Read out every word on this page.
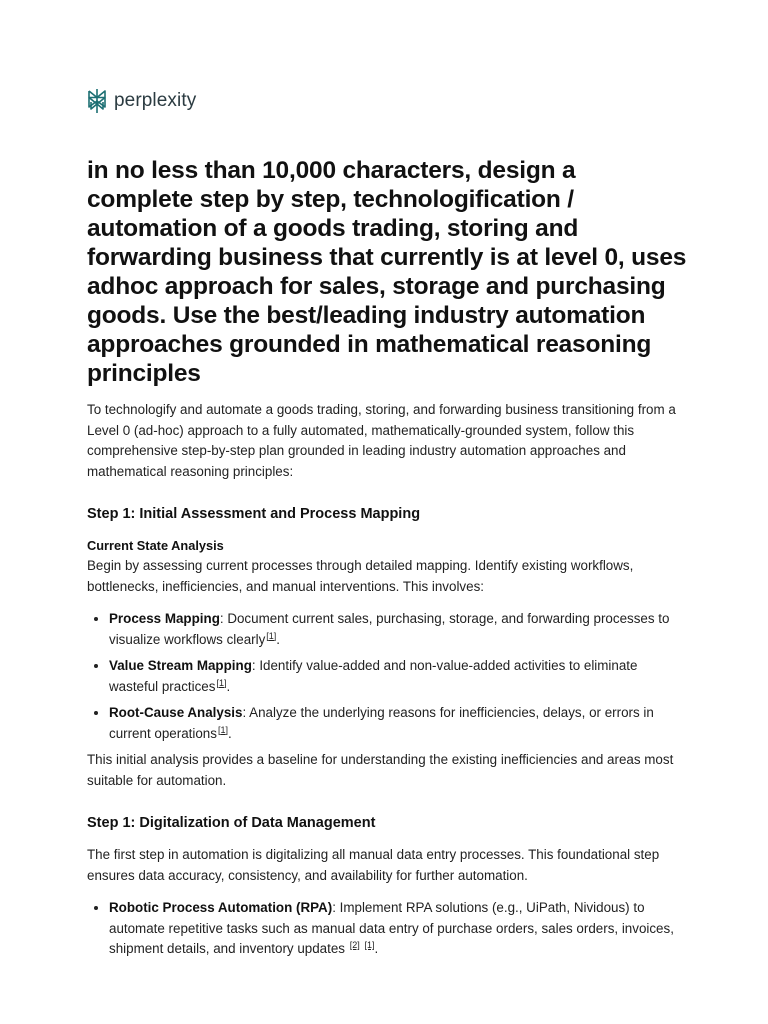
perplexity
in no less than 10,000 characters, design a complete step by step, technologification / automation of a goods trading, storing and forwarding business that currently is at level 0, uses adhoc approach for sales, storage and purchasing goods. Use the best/leading industry automation approaches grounded in mathematical reasoning principles

To technologify and automate a goods trading, storing, and forwarding business transitioning from a Level 0 (ad-hoc) approach to a fully automated, mathematically-grounded system, follow this comprehensive step-by-step plan grounded in leading industry automation approaches and mathematical reasoning principles:

Step 1: Initial Assessment and Process Mapping
Current State Analysis

Begin by assessing current processes through detailed mapping. Identify existing workflows, bottlenecks, inefficiencies, and manual interventions. This involves:

• Process Mapping: Document current sales, purchasing, storage, and forwarding processes to visualize workflows clearly[1].
• Value Stream Mapping: Identify value-added and non-value-added activities to eliminate wasteful practices[1].
• Root-Cause Analysis: Analyze the underlying reasons for inefficiencies, delays, or errors in current operations[1].

This initial analysis provides a baseline for understanding the existing inefficiencies and areas most suitable for automation.

Step 1: Digitalization of Data Management

The first step in automation is digitalizing all manual data entry processes. This foundational step ensures data accuracy, consistency, and availability for further automation.

• Robotic Process Automation (RPA): Implement RPA solutions (e.g., UiPath, Nividous) to automate repetitive tasks such as manual data entry of purchase orders, sales orders, invoices, shipment details, and inventory updates [2] [1].
